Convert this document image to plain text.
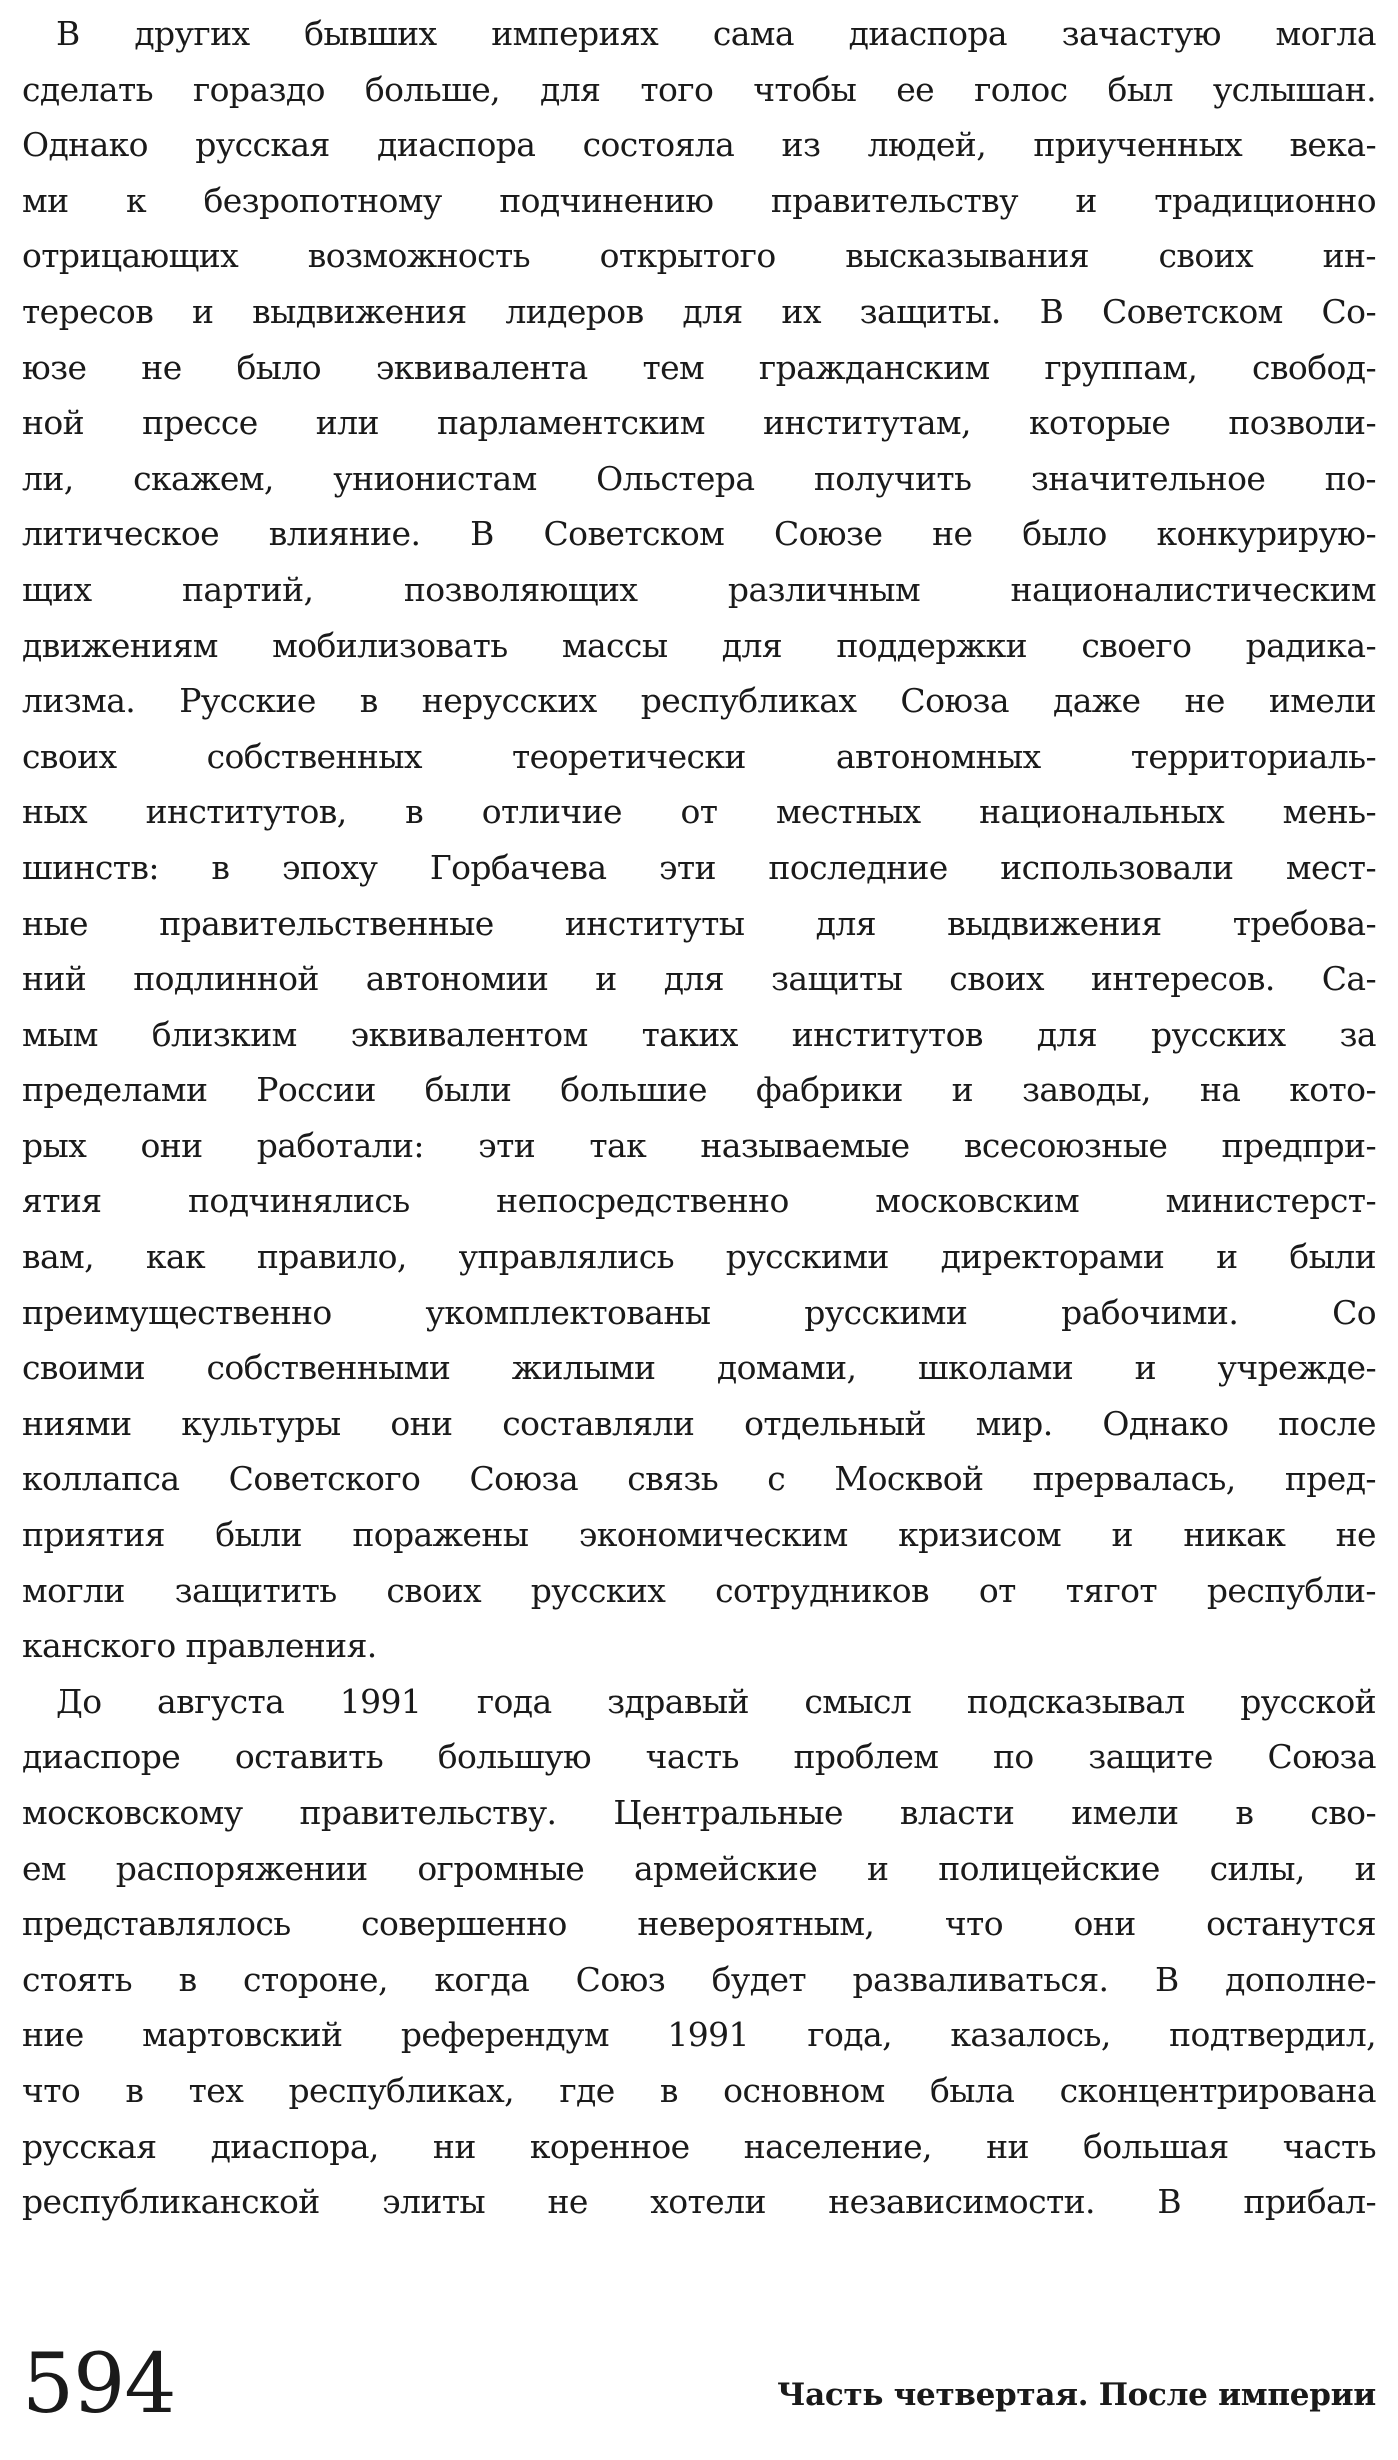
В других бывших империях сама диаспора зачастую могла
сделать гораздо больше, для того чтобы ее голос был услышан.
Однако русская диаспора состояла из людей, приученных века-
ми к безропотному подчинению правительству и традиционно
отрицающих возможность открытого высказывания своих ин-
тересов и выдвижения лидеров для их защиты. В Советском Со-
юзе не было эквивалента тем гражданским группам, свобод-
ной прессе или парламентским институтам, которые позволи-
ли, скажем, унионистам Ольстера получить значительное по-
литическое влияние. В Советском Союзе не было конкурирую-
щих партий, позволяющих различным националистическим
движениям мобилизовать массы для поддержки своего радика-
лизма. Русские в нерусских республиках Союза даже не имели
своих собственных теоретически автономных территориаль-
ных институтов, в отличие от местных национальных мень-
шинств: в эпоху Горбачева эти последние использовали мест-
ные правительственные институты для выдвижения требова-
ний подлинной автономии и для защиты своих интересов. Са-
мым близким эквивалентом таких институтов для русских за
пределами России были большие фабрики и заводы, на кото-
рых они работали: эти так называемые всесоюзные предпри-
ятия подчинялись непосредственно московским министерст-
вам, как правило, управлялись русскими директорами и были
преимущественно укомплектованы русскими рабочими. Со
своими собственными жилыми домами, школами и учрежде-
ниями культуры они составляли отдельный мир. Однако после
коллапса Советского Союза связь с Москвой прервалась, пред-
приятия были поражены экономическим кризисом и никак не
могли защитить своих русских сотрудников от тягот республи-
канского правления.
До августа 1991 года здравый смысл подсказывал русской
диаспоре оставить большую часть проблем по защите Союза
московскому правительству. Центральные власти имели в сво-
ем распоряжении огромные армейские и полицейские силы, и
представлялось совершенно невероятным, что они останутся
стоять в стороне, когда Союз будет разваливаться. В дополне-
ние мартовский референдум 1991 года, казалось, подтвердил,
что в тех республиках, где в основном была сконцентрирована
русская диаспора, ни коренное население, ни большая часть
республиканской элиты не хотели независимости. В прибал-
594	Часть четвертая. После империи
